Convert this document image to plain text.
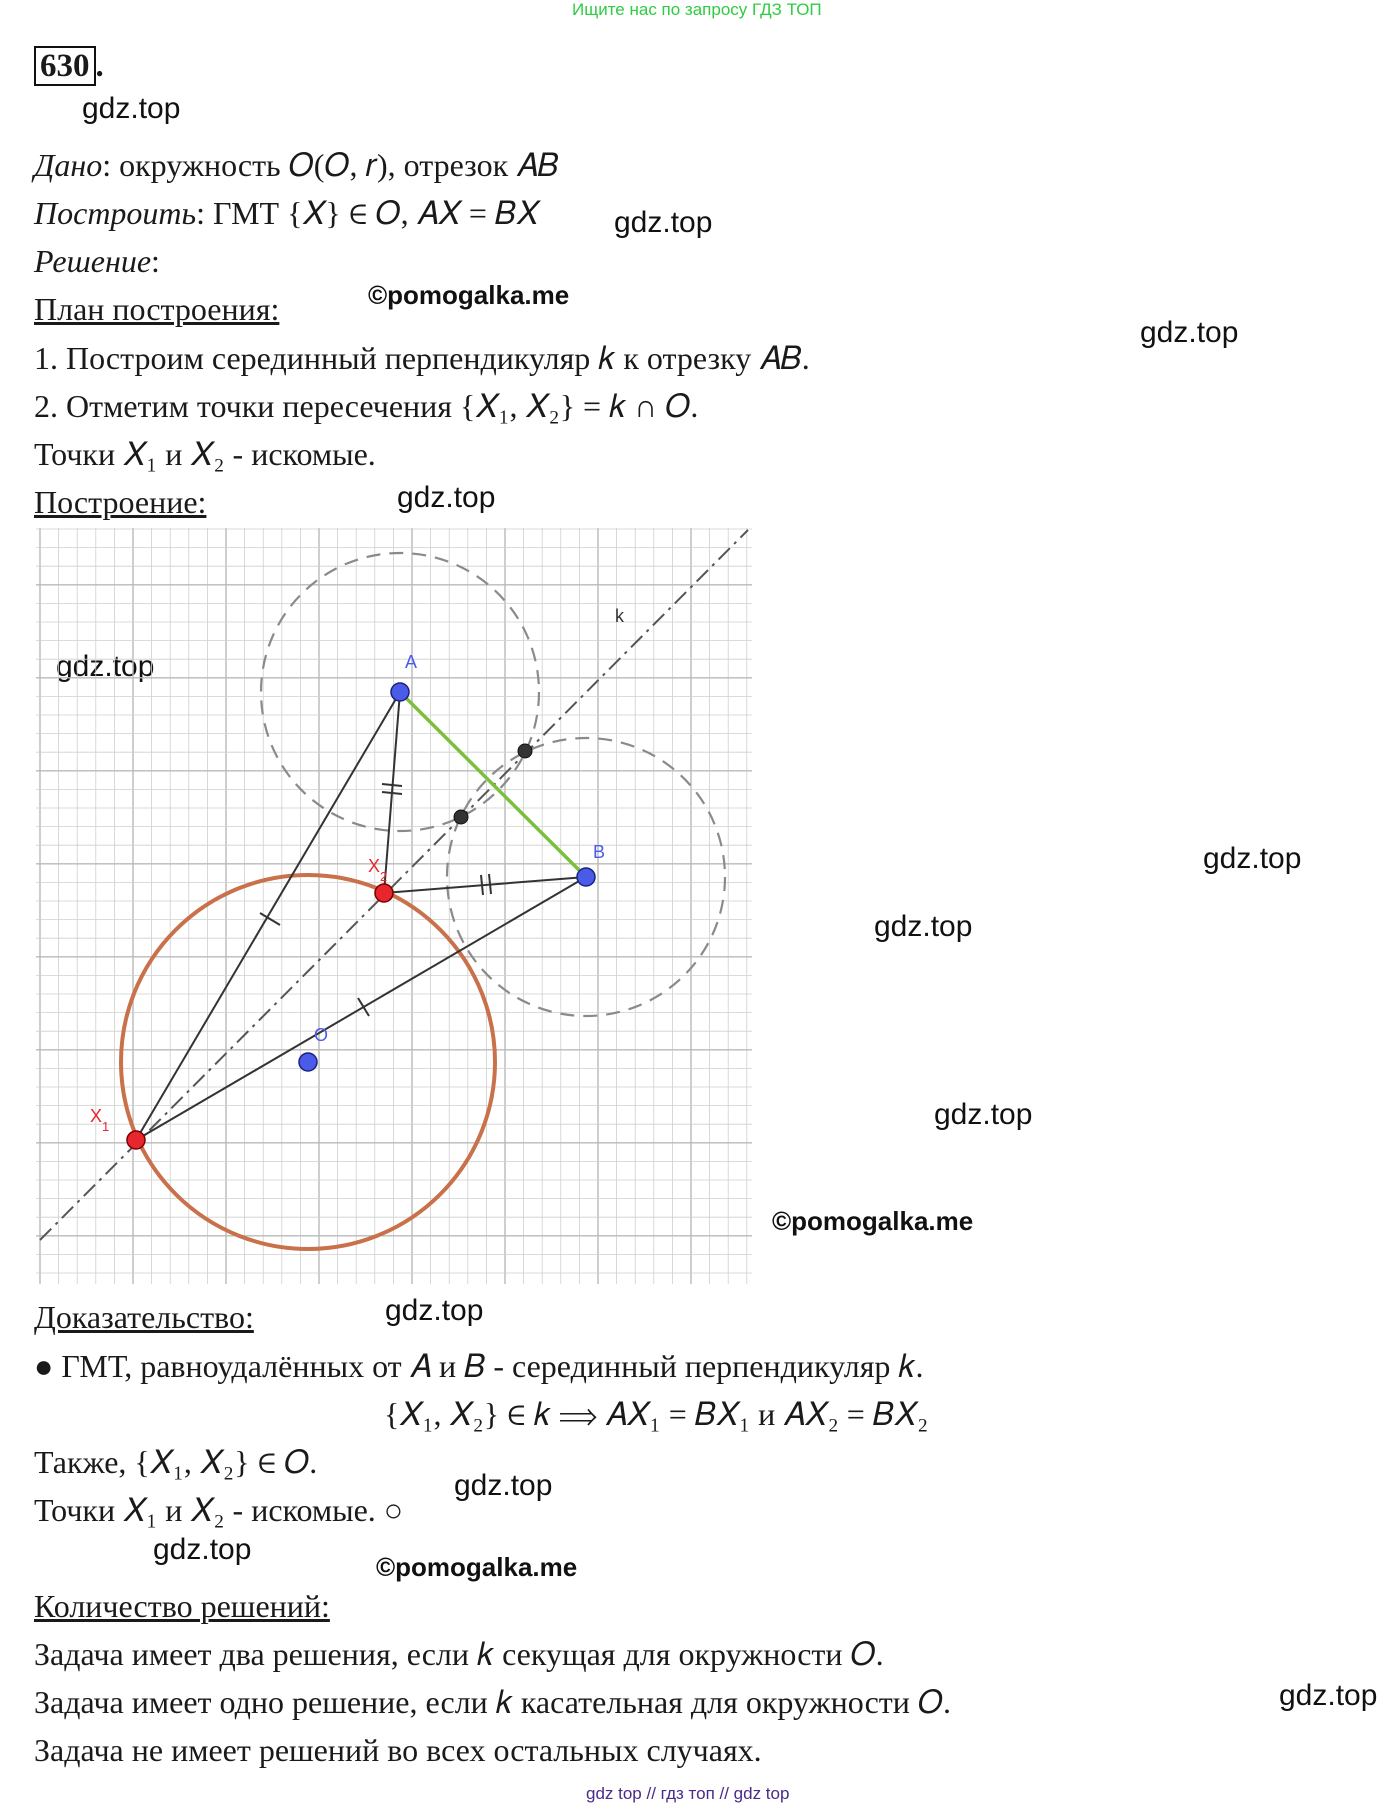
Ищите нас по запросу ГДЗ ТОП
630 .
gdz.top
gdz.top
gdz.top
gdz.top
gdz.top
gdz.top
gdz.top
gdz.top
gdz.top
gdz.top
gdz.top
gdz.top
©pomogalka.me
©pomogalka.me
©pomogalka.me
Дано: окружность 𝑂(𝑂, 𝑟), отрезок 𝐴𝐵
Построить: ГМТ {𝑋} ∈ 𝑂, 𝐴𝑋 = 𝐵𝑋
Решение:
План построения:
1. Построим серединный перпендикуляр 𝑘 к отрезку 𝐴𝐵.
2. Отметим точки пересечения {𝑋₁, 𝑋₂} = 𝑘 ∩ 𝑂.
Точки 𝑋₁ и 𝑋₂ - искомые.
Построение:
A
B
O
k
X
1
X
2
Доказательство:
● ГМТ, равноудалённых от 𝐴 и 𝐵 - серединный перпендикуляр 𝑘.
{𝑋₁, 𝑋₂} ∈ 𝑘 ⟹ 𝐴𝑋₁ = 𝐵𝑋₁ и 𝐴𝑋₂ = 𝐵𝑋₂
Также, {𝑋₁, 𝑋₂} ∈ 𝑂.
Точки 𝑋₁ и 𝑋₂ - искомые. ○
Количество решений:
Задача имеет два решения, если 𝑘 секущая для окружности 𝑂.
Задача имеет одно решение, если 𝑘 касательная для окружности 𝑂.
Задача не имеет решений во всех остальных случаях.
gdz top // гдз топ // gdz top
